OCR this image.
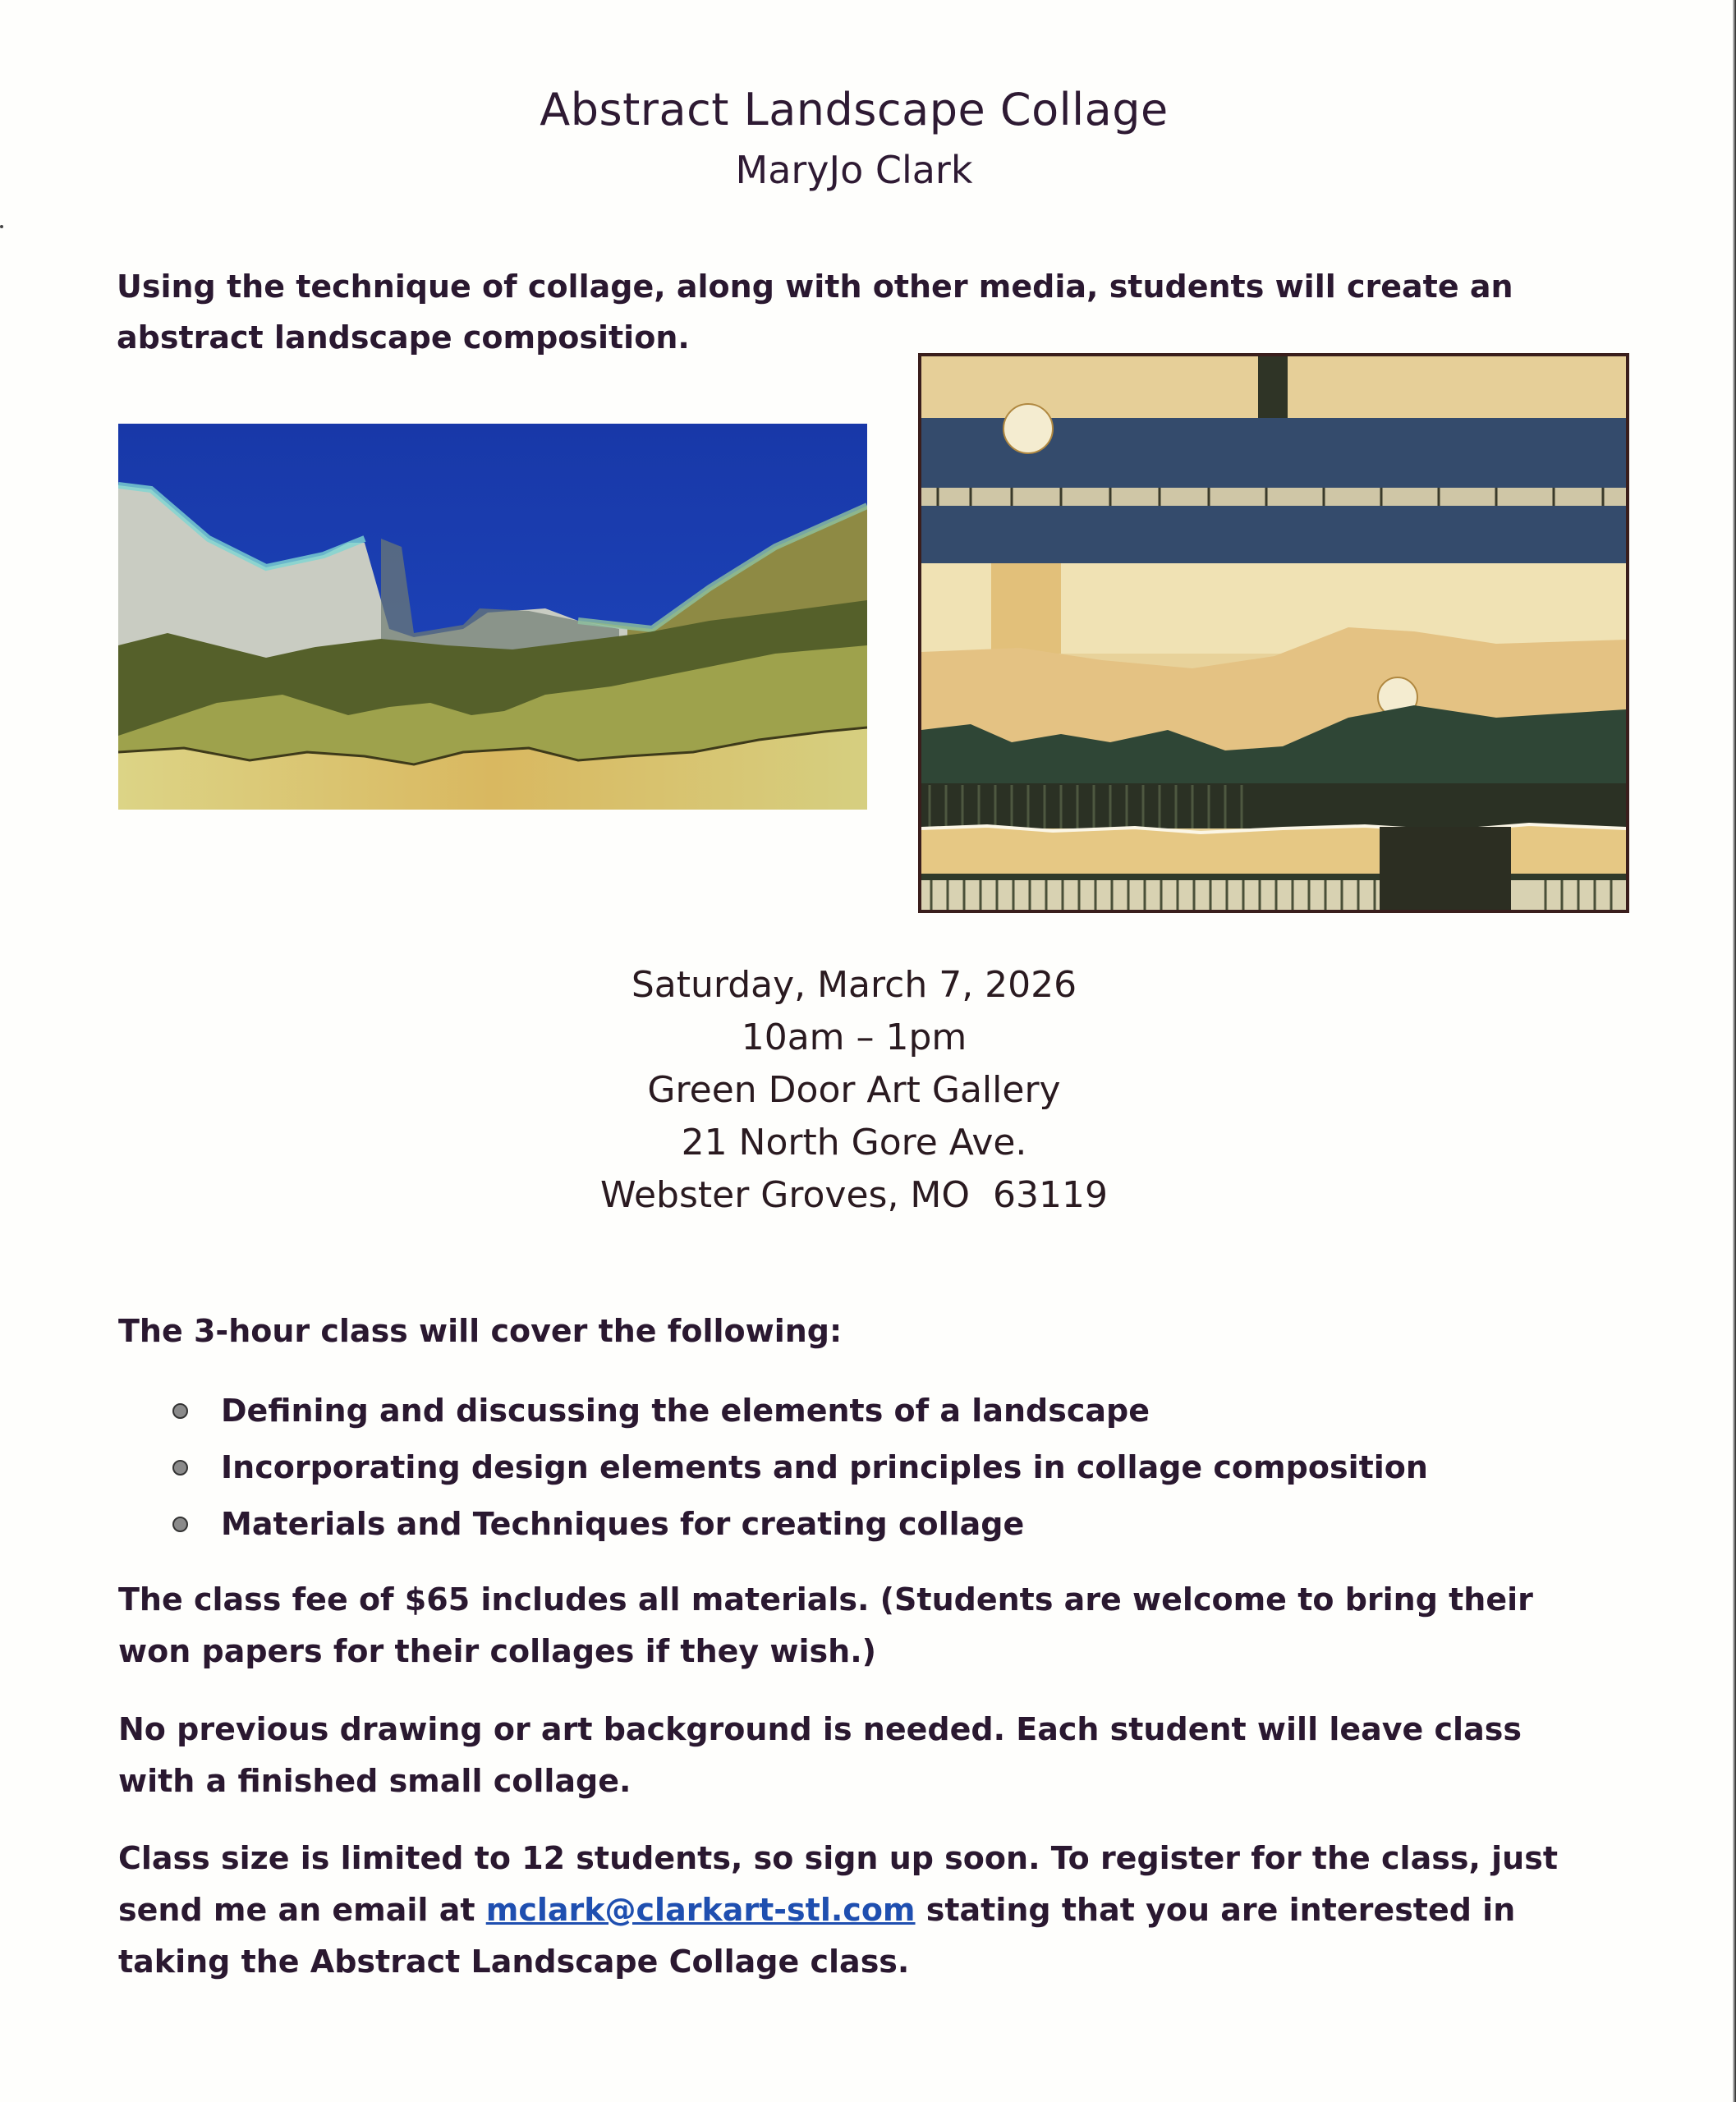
Abstract Landscape Collage
MaryJo Clark
Using the technique of collage, along with other media, students will create an abstract landscape composition.
Saturday, March 7, 2026
10am – 1pm
Green Door Art Gallery
21 North Gore Ave.
Webster Groves, MO  63119
The 3-hour class will cover the following:
Defining and discussing the elements of a landscape
Incorporating design elements and principles in collage composition
Materials and Techniques for creating collage
The class fee of $65 includes all materials. (Students are welcome to bring their won papers for their collages if they wish.)
No previous drawing or art background is needed. Each student will leave class with a finished small collage.
Class size is limited to 12 students, so sign up soon. To register for the class, just send me an email at mclark@clarkart-stl.com stating that you are interested in taking the Abstract Landscape Collage class.
